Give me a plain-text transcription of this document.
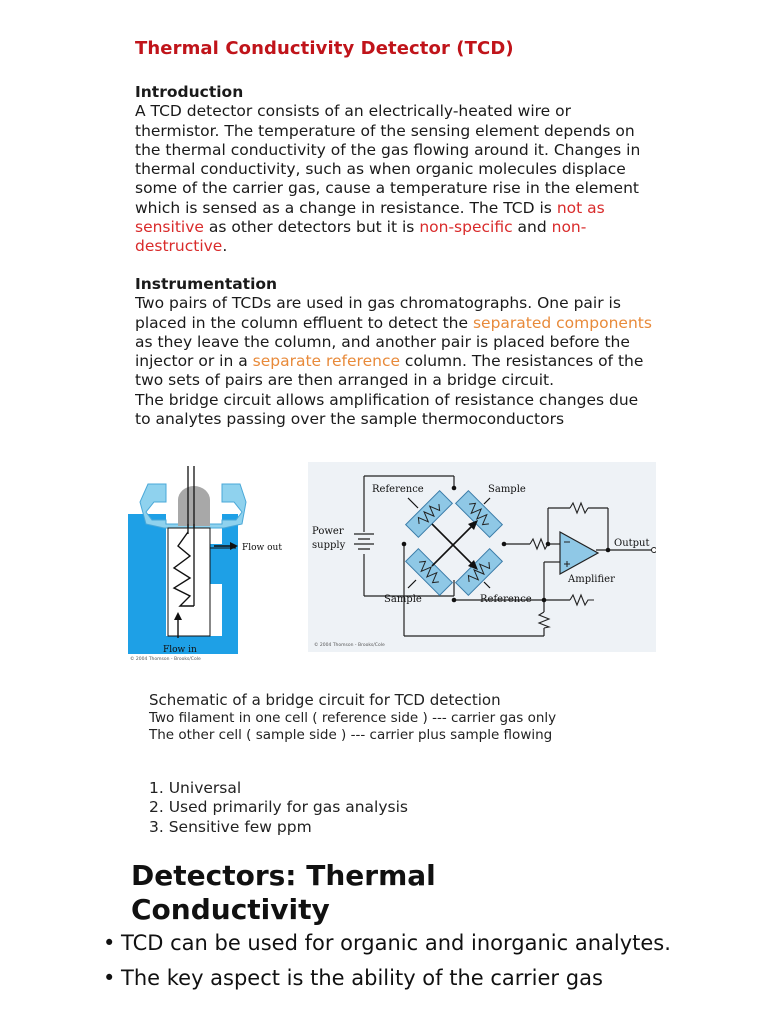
Thermal Conductivity Detector (TCD)
Introduction

A TCD detector consists of an electrically-heated wire or thermistor. The temperature of the sensing element depends on the thermal conductivity of the gas flowing around it. Changes in thermal conductivity, such as when organic molecules displace some of the carrier gas, cause a temperature rise in the element which is sensed as a change in resistance. The TCD is not as sensitive as other detectors but it is non-specific and non-destructive.

Instrumentation

Two pairs of TCDs are used in gas chromatographs. One pair is placed in the column effluent to detect the separated components as they leave the column, and another pair is placed before the injector or in a separate reference column. The resistances of the two sets of pairs are then arranged in a bridge circuit.

The bridge circuit allows amplification of resistance changes due to analytes passing over the sample thermoconductors

Flow out
Flow in
© 2004 Thomson - Brooks/Cole
Reference	Sample
Sample	Reference
Power
supply	Output
Amplifier
© 2004 Thomson - Brooks/Cole
Schematic of a bridge circuit for TCD detection
Two filament in one cell ( reference side ) --- carrier gas only
The other cell ( sample side ) --- carrier plus sample flowing
1. Universal
2. Used primarily for gas analysis
3. Sensitive few ppm
Detectors: Thermal
Conductivity
• TCD can be used for organic and inorganic analytes.
• The key aspect is the ability of the carrier gas
